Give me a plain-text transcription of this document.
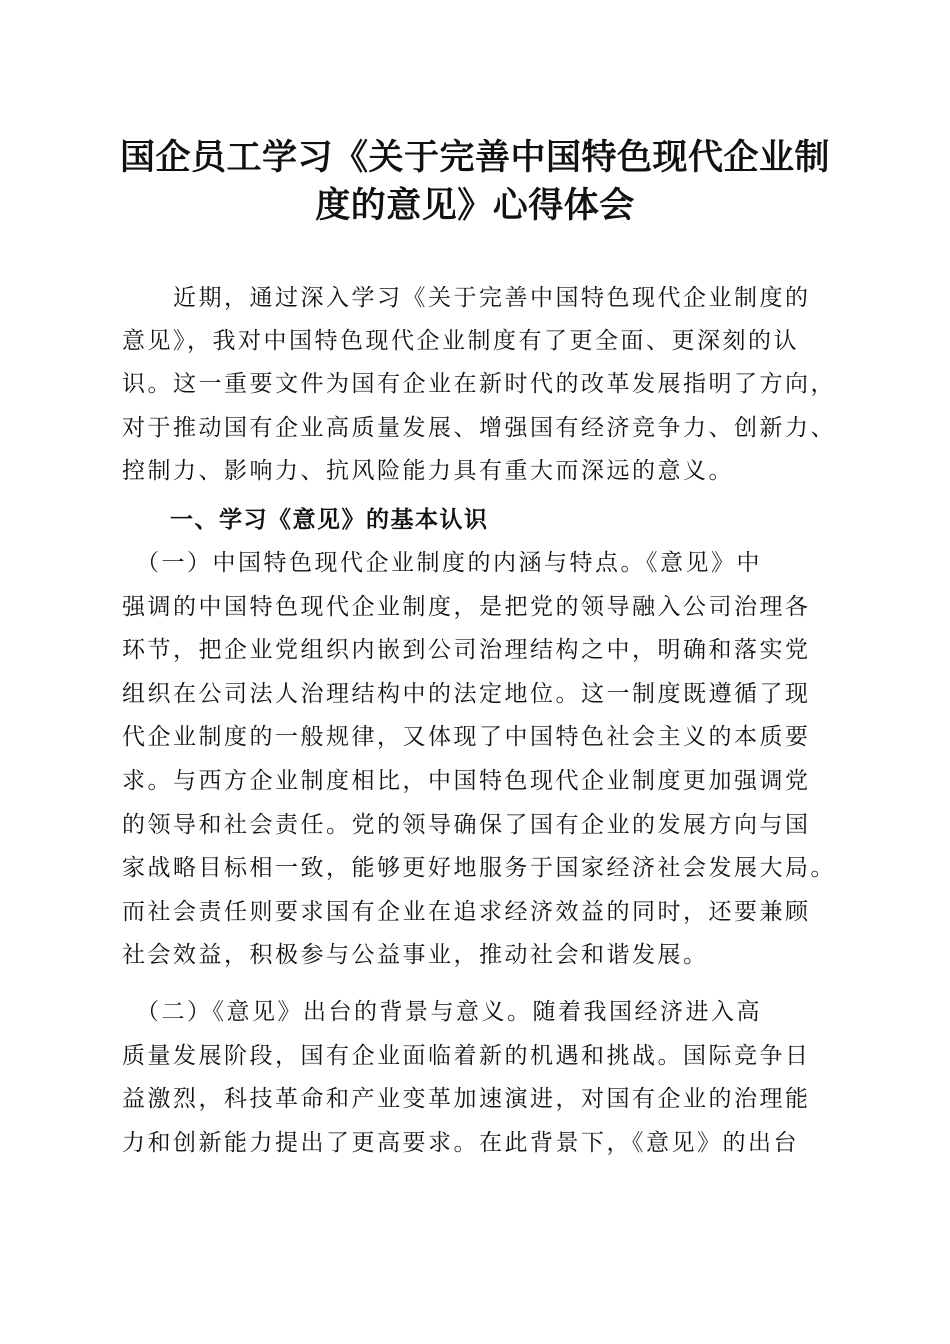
国企员工学习《关于完善中国特色现代企业制
度的意见》心得体会

　　近期，通过深入学习《关于完善中国特色现代企业制度的

意见》，我对中国特色现代企业制度有了更全面、更深刻的认

识。这一重要文件为国有企业在新时代的改革发展指明了方向，

对于推动国有企业高质量发展、增强国有经济竞争力、创新力、

控制力、影响力、抗风险能力具有重大而深远的意义。

一、学习《意见》的基本认识

　（一）中国特色现代企业制度的内涵与特点。《意见》中

强调的中国特色现代企业制度，是把党的领导融入公司治理各

环节，把企业党组织内嵌到公司治理结构之中，明确和落实党

组织在公司法人治理结构中的法定地位。这一制度既遵循了现

代企业制度的一般规律，又体现了中国特色社会主义的本质要

求。与西方企业制度相比，中国特色现代企业制度更加强调党

的领导和社会责任。党的领导确保了国有企业的发展方向与国

家战略目标相一致，能够更好地服务于国家经济社会发展大局。

而社会责任则要求国有企业在追求经济效益的同时，还要兼顾

社会效益，积极参与公益事业，推动社会和谐发展。

　（二）《意见》出台的背景与意义。随着我国经济进入高

质量发展阶段，国有企业面临着新的机遇和挑战。国际竞争日

益激烈，科技革命和产业变革加速演进，对国有企业的治理能

力和创新能力提出了更高要求。在此背景下，《意见》的出台
